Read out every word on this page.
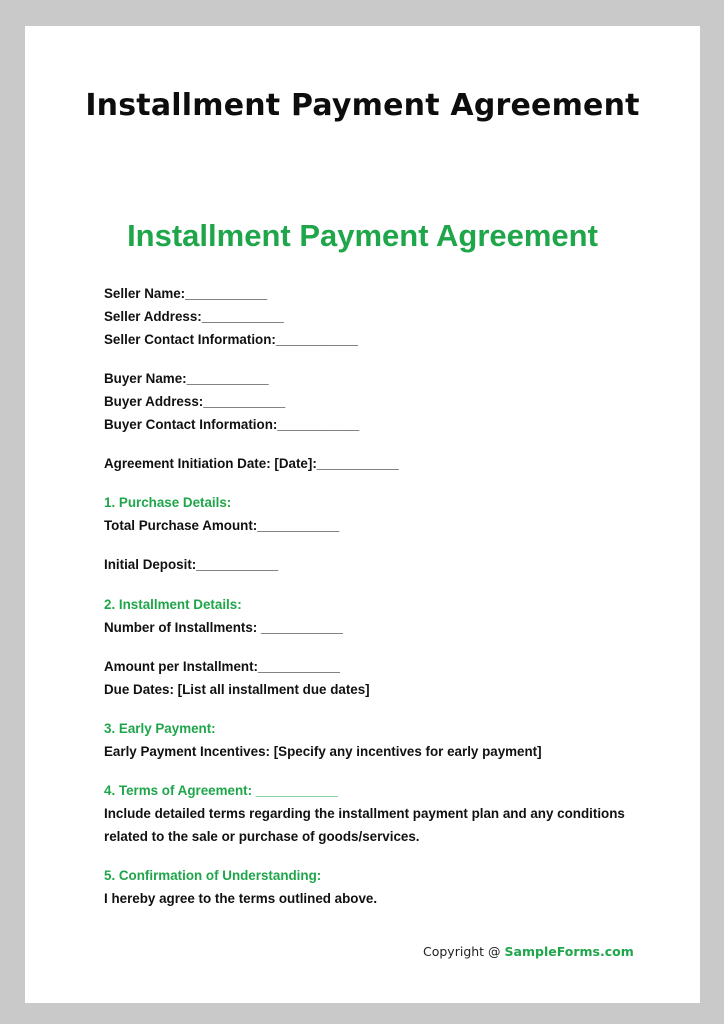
Installment Payment Agreement
Installment Payment Agreement
Seller Name:___________
Seller Address:___________
Seller Contact Information:___________
Buyer Name:___________
Buyer Address:___________
Buyer Contact Information:___________
Agreement Initiation Date: [Date]:___________
1. Purchase Details:
Total Purchase Amount:___________
Initial Deposit:___________
2. Installment Details:
Number of Installments: ___________
Amount per Installment:___________
Due Dates: [List all installment due dates]
3. Early Payment:
Early Payment Incentives: [Specify any incentives for early payment]
4. Terms of Agreement: ___________
Include detailed terms regarding the installment payment plan and any conditions
related to the sale or purchase of goods/services.
5. Confirmation of Understanding:
I hereby agree to the terms outlined above.
Copyright @ SampleForms.com
